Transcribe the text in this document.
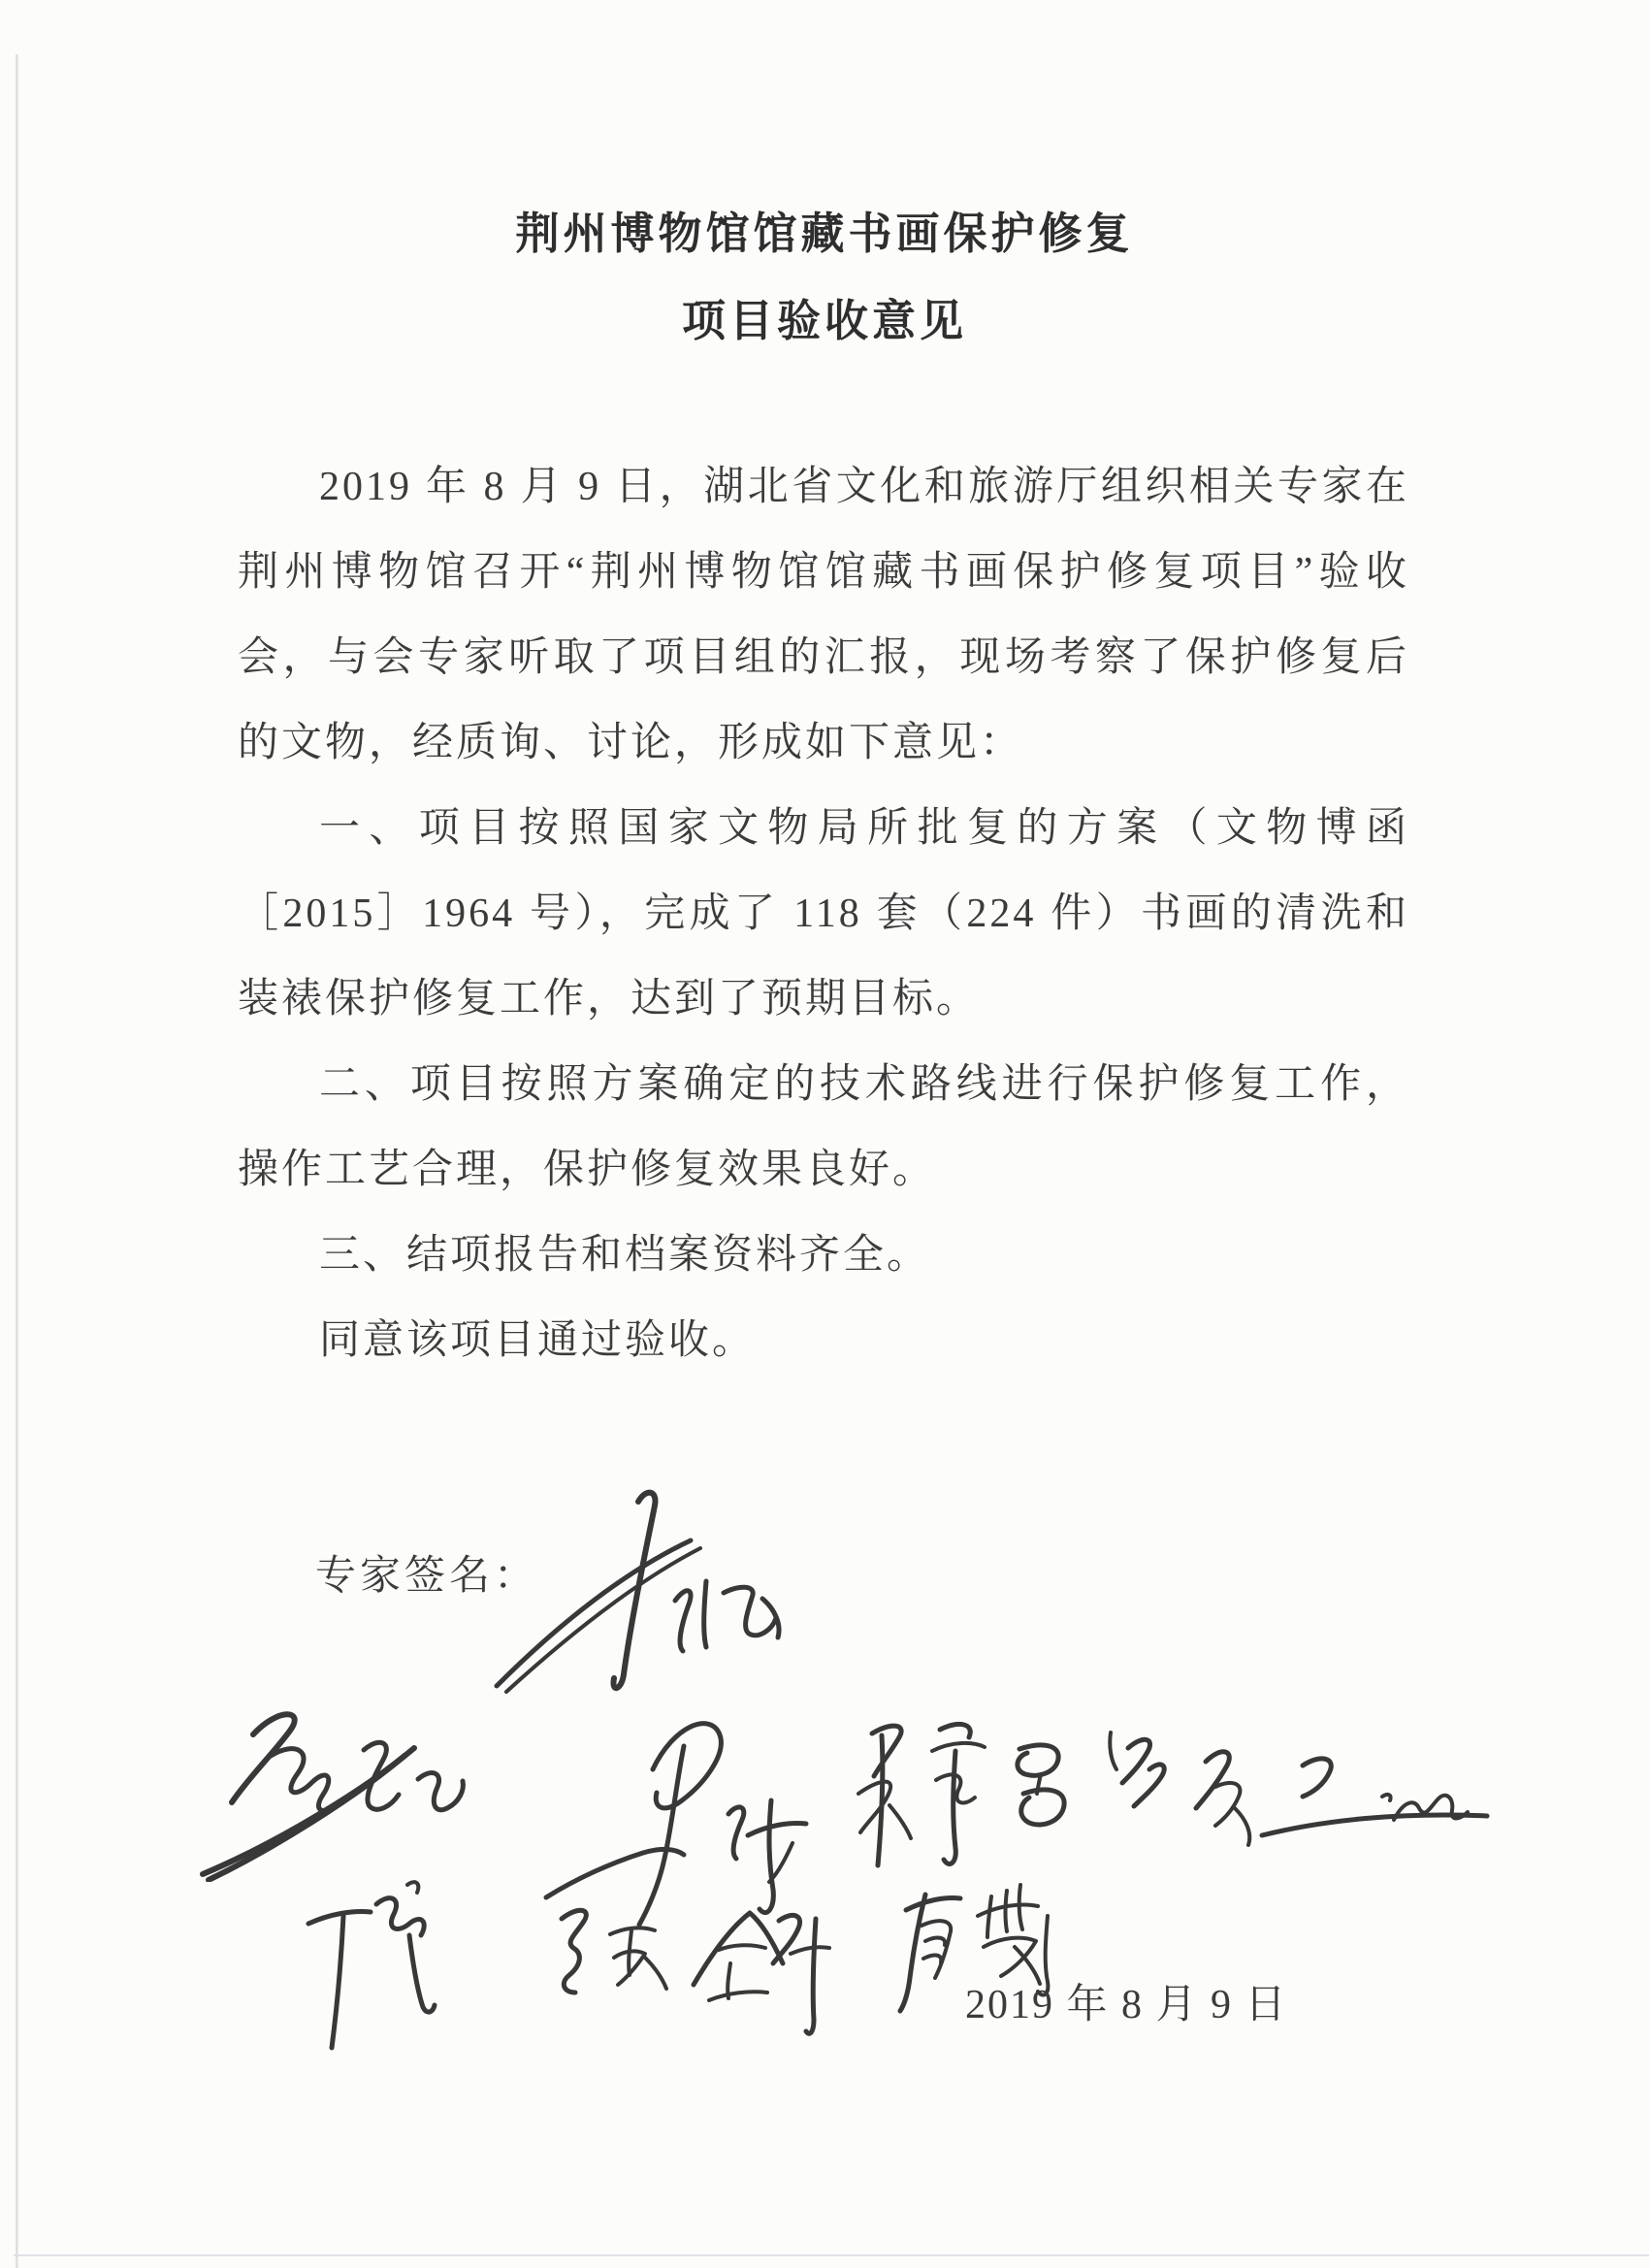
荆州博物馆馆藏书画保护修复
项目验收意见

2019 年 8 月 9 日，湖北省文化和旅游厅组织相关专家在荆州博物馆召开“荆州博物馆馆藏书画保护修复项目”验收会，与会专家听取了项目组的汇报，现场考察了保护修复后的文物，经质询、讨论，形成如下意见：

一、项目按照国家文物局所批复的方案（文物博函［2015］1964 号），完成了 118 套（224 件）书画的清洗和装裱保护修复工作，达到了预期目标。

二、项目按照方案确定的技术路线进行保护修复工作，操作工艺合理，保护修复效果良好。

三、结项报告和档案资料齐全。

同意该项目通过验收。

专家签名：
2019 年 8 月 9 日
